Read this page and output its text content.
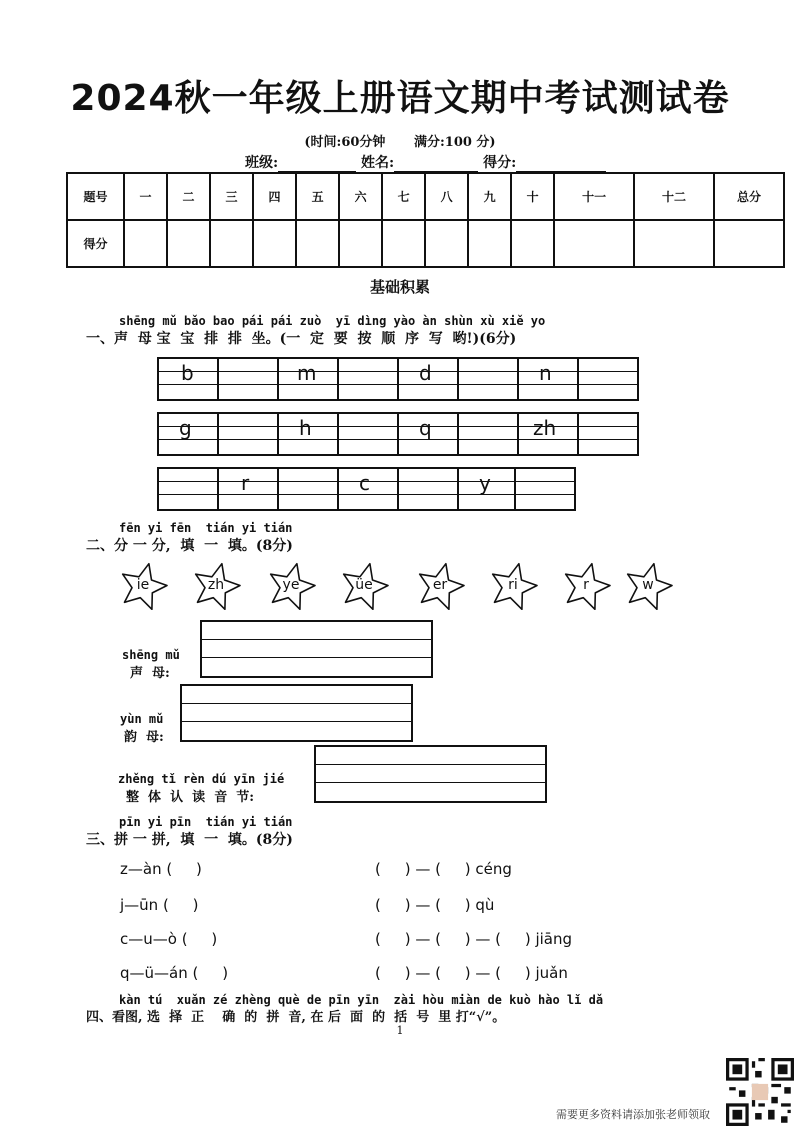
2024秋一年级上册语文期中考试测试卷
(时间:60分钟 满分:100 分)
班级:	姓名:	得分:
题号	一	二	三	四	五	六	七	八	九	十	十一	十二	总分
得分													
基础积累
shēng mǔ bǎo bao pái pái zuò  yī dìng yào àn shùn xù xiě yo
一、声  母 宝  宝  排  排  坐。(一  定  要  按  顺  序  写  哟!)(6分)
b	m	d	n
g	h	q	zh
r	c	y
fēn yi fēn  tián yi tián
二、分 一 分,  填  一  填。(8分)
ie	zh	ye	üe	er	ri	r	w
shēng mǔ
声  母:
yùn mǔ
韵  母:
zhěng tǐ rèn dú yīn jié
整  体  认  读  音  节:
pīn yi pīn  tián yi tián
三、拼 一 拼,  填  一  填。(8分)
z—àn (     )	(     ) — (     ) céng
j—ūn (     )	(     ) — (     ) qù
c—u—ò (     )	(     ) — (     ) — (     ) jiāng
q—ü—án (     )	(     ) — (     ) — (     ) juǎn
kàn tú  xuǎn zé zhèng què de pīn yīn  zài hòu miàn de kuò hào lǐ dǎ
四、看图, 选  择  正    确  的  拼  音, 在 后  面  的  括  号  里 打“√”。
1
需要更多资料请添加张老师领取
